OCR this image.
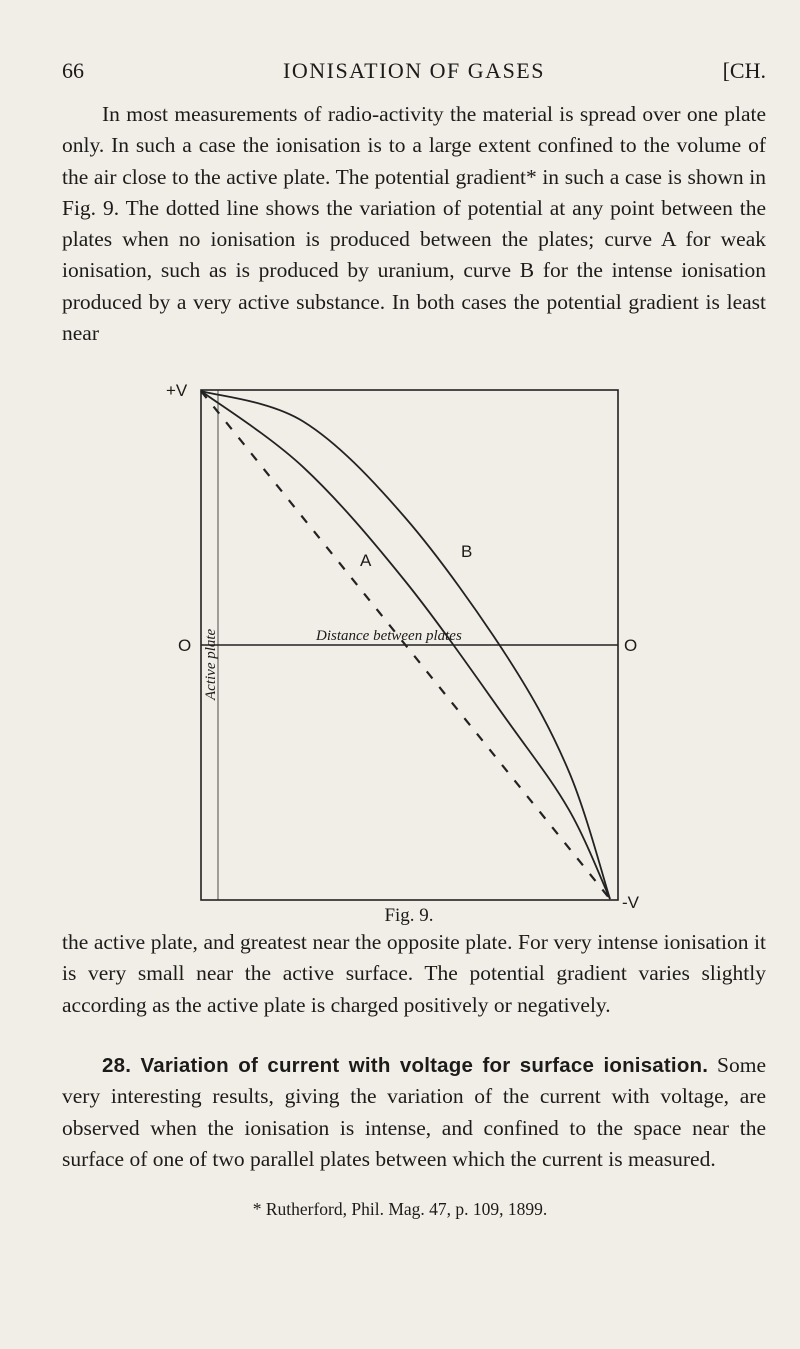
66	IONISATION OF GASES	[CH.

In most measurements of radio-activity the material is spread over one plate only. In such a case the ionisation is to a large extent confined to the volume of the air close to the active plate. The potential gradient* in such a case is shown in Fig. 9. The dotted line shows the variation of potential at any point between the plates when no ionisation is produced between the plates; curve A for weak ionisation, such as is produced by uranium, curve B for the intense ionisation produced by a very active substance. In both cases the potential gradient is least near

+V
-V
O	O
A	B
Distance between plates
Active plate
Fig. 9.

the active plate, and greatest near the opposite plate. For very intense ionisation it is very small near the active surface. The potential gradient varies slightly according as the active plate is charged positively or negatively.

28. Variation of current with voltage for surface ionisation. Some very interesting results, giving the variation of the current with voltage, are observed when the ionisation is intense, and confined to the space near the surface of one of two parallel plates between which the current is measured.

* Rutherford, Phil. Mag. 47, p. 109, 1899.
